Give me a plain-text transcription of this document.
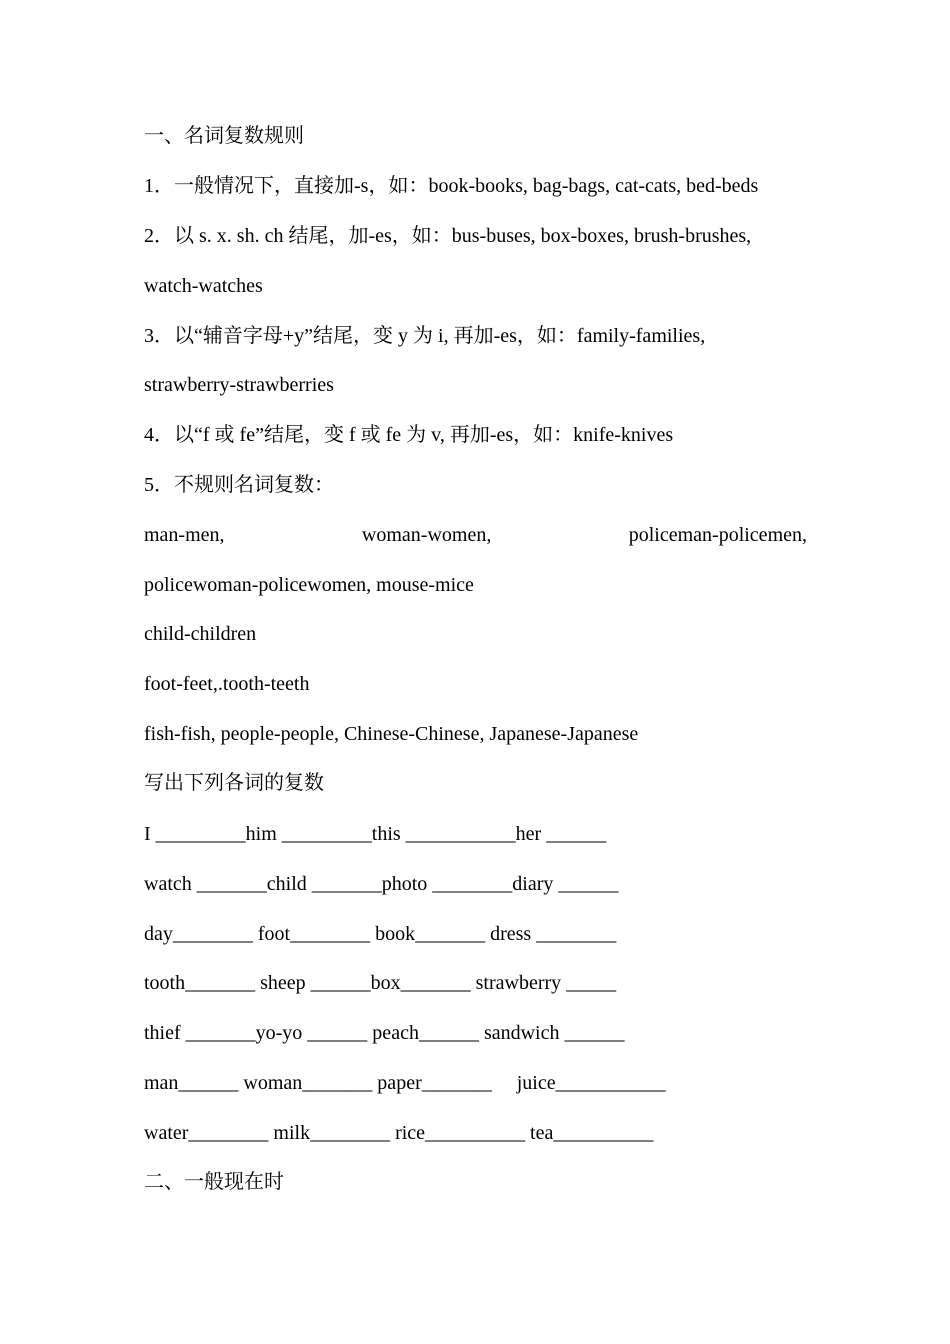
一、名词复数规则
1．一般情况下，直接加-s，如：book-books, bag-bags, cat-cats, bed-beds
2．以 s. x. sh. ch 结尾，加-es，如：bus-buses, box-boxes, brush-brushes,
watch-watches
3．以“辅音字母+y”结尾，变 y 为 i, 再加-es，如：family-families,
strawberry-strawberries
4．以“f 或 fe”结尾，变 f 或 fe 为 v, 再加-es，如：knife-knives
5．不规则名词复数：
man-men,	woman-women,	policeman-policemen,
policewoman-policewomen, mouse-mice
child-children
foot-feet,.tooth-teeth
fish-fish, people-people, Chinese-Chinese, Japanese-Japanese
写出下列各词的复数
I _________him _________this ___________her ______
watch _______child _______photo ________diary ______
day________ foot________ book_______ dress ________
tooth_______ sheep ______box_______ strawberry _____
thief _______yo-yo ______ peach______ sandwich ______
man______ woman_______ paper_______     juice___________
water________ milk________ rice__________ tea__________
二、一般现在时
